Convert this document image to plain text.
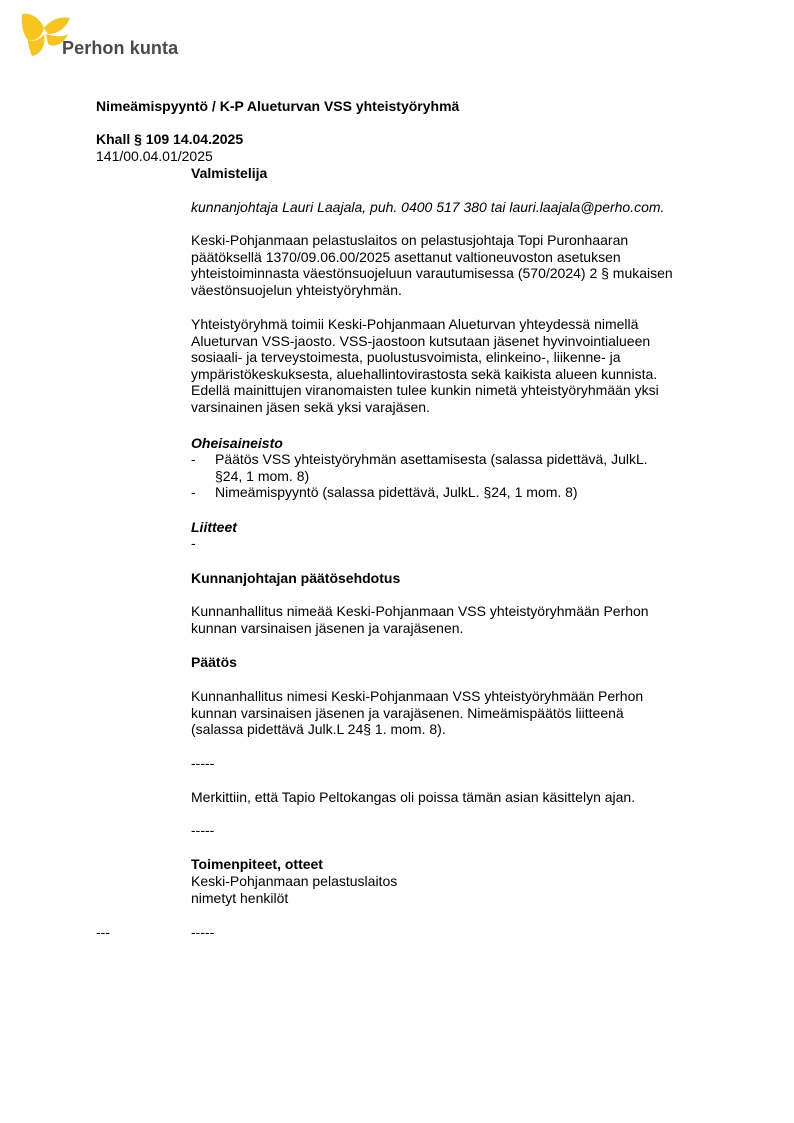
Perhon kunta
Nimeämispyyntö / K-P Alueturvan VSS yhteistyöryhmä
Khall § 109 14.04.2025
141/00.04.01/2025
Valmistelija
kunnanjohtaja Lauri Laajala, puh. 0400 517 380 tai lauri.laajala@perho.com.
Keski-Pohjanmaan pelastuslaitos on pelastusjohtaja Topi Puronhaaran
päätöksellä 1370/09.06.00/2025 asettanut valtioneuvoston asetuksen
yhteistoiminnasta väestönsuojeluun varautumisessa (570/2024) 2 § mukaisen
väestönsuojelun yhteistyöryhmän.
Yhteistyöryhmä toimii Keski-Pohjanmaan Alueturvan yhteydessä nimellä
Alueturvan VSS-jaosto. VSS-jaostoon kutsutaan jäsenet hyvinvointialueen
sosiaali- ja terveystoimesta, puolustusvoimista, elinkeino-, liikenne- ja
ympäristökeskuksesta, aluehallintovirastosta sekä kaikista alueen kunnista.
Edellä mainittujen viranomaisten tulee kunkin nimetä yhteistyöryhmään yksi
varsinainen jäsen sekä yksi varajäsen.
Oheisaineisto
- Päätös VSS yhteistyöryhmän asettamisesta (salassa pidettävä, JulkL.
§24, 1 mom. 8)
- Nimeämispyyntö (salassa pidettävä, JulkL. §24, 1 mom. 8)
Liitteet
-
Kunnanjohtajan päätösehdotus
Kunnanhallitus nimeää Keski-Pohjanmaan VSS yhteistyöryhmään Perhon
kunnan varsinaisen jäsenen ja varajäsenen.
Päätös
Kunnanhallitus nimesi Keski-Pohjanmaan VSS yhteistyöryhmään Perhon
kunnan varsinaisen jäsenen ja varajäsenen. Nimeämispäätös liitteenä
(salassa pidettävä Julk.L 24§ 1. mom. 8).
-----
Merkittiin, että Tapio Peltokangas oli poissa tämän asian käsittelyn ajan.
-----
Toimenpiteet, otteet
Keski-Pohjanmaan pelastuslaitos
nimetyt henkilöt
---	-----
